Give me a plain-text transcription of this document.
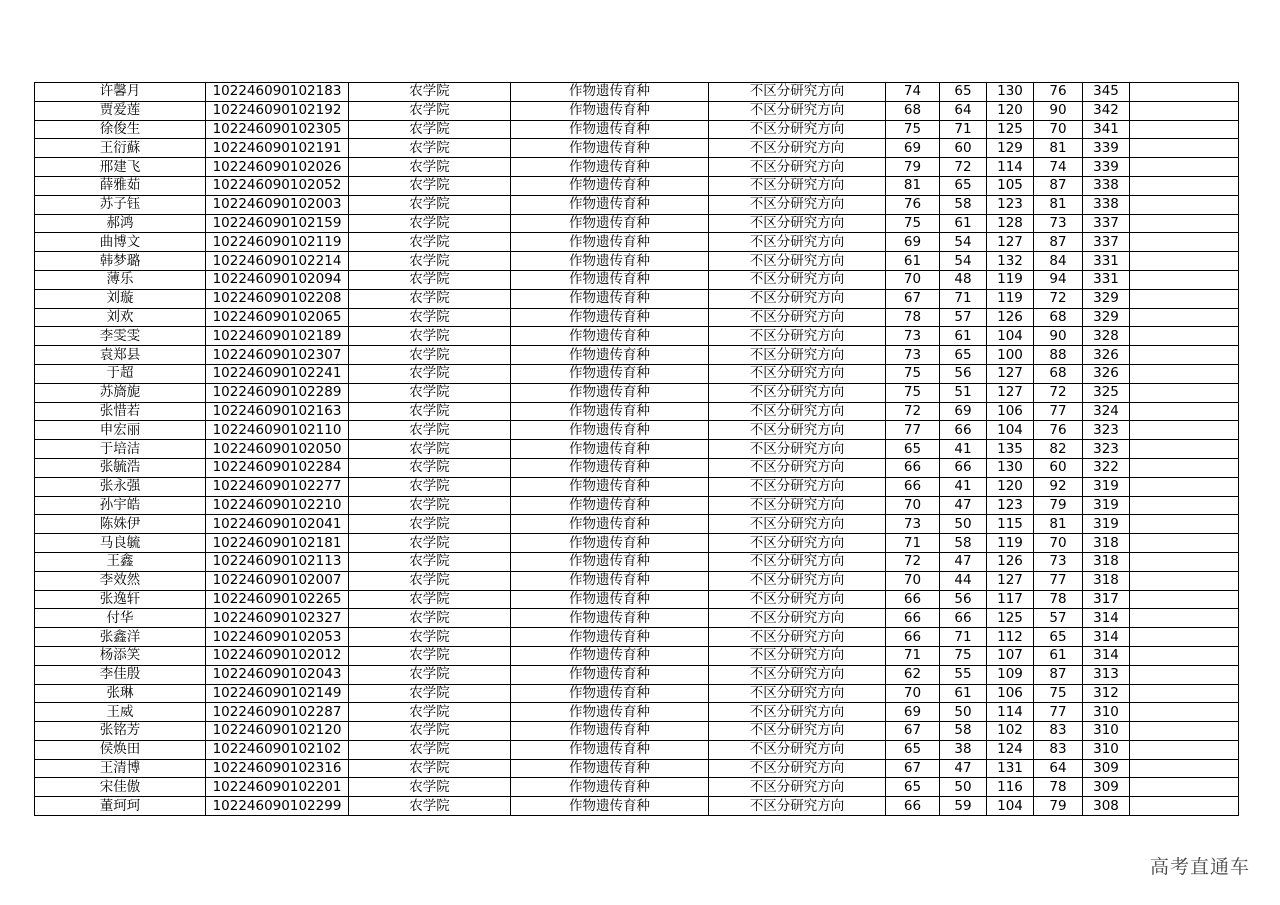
许馨月	102246090102183	农学院	作物遗传育种	不区分研究方向	74	65	130	76	345	
贾爱莲	102246090102192	农学院	作物遗传育种	不区分研究方向	68	64	120	90	342	
徐俊生	102246090102305	农学院	作物遗传育种	不区分研究方向	75	71	125	70	341	
王衍蘇	102246090102191	农学院	作物遗传育种	不区分研究方向	69	60	129	81	339	
邢建飞	102246090102026	农学院	作物遗传育种	不区分研究方向	79	72	114	74	339	
薛雅茹	102246090102052	农学院	作物遗传育种	不区分研究方向	81	65	105	87	338	
苏子钰	102246090102003	农学院	作物遗传育种	不区分研究方向	76	58	123	81	338	
郝鸿	102246090102159	农学院	作物遗传育种	不区分研究方向	75	61	128	73	337	
曲博文	102246090102119	农学院	作物遗传育种	不区分研究方向	69	54	127	87	337	
韩梦璐	102246090102214	农学院	作物遗传育种	不区分研究方向	61	54	132	84	331	
薄乐	102246090102094	农学院	作物遗传育种	不区分研究方向	70	48	119	94	331	
刘璇	102246090102208	农学院	作物遗传育种	不区分研究方向	67	71	119	72	329	
刘欢	102246090102065	农学院	作物遗传育种	不区分研究方向	78	57	126	68	329	
李雯雯	102246090102189	农学院	作物遗传育种	不区分研究方向	73	61	104	90	328	
袁郑县	102246090102307	农学院	作物遗传育种	不区分研究方向	73	65	100	88	326	
于超	102246090102241	农学院	作物遗传育种	不区分研究方向	75	56	127	68	326	
苏旖旎	102246090102289	农学院	作物遗传育种	不区分研究方向	75	51	127	72	325	
张惜若	102246090102163	农学院	作物遗传育种	不区分研究方向	72	69	106	77	324	
申宏丽	102246090102110	农学院	作物遗传育种	不区分研究方向	77	66	104	76	323	
于培洁	102246090102050	农学院	作物遗传育种	不区分研究方向	65	41	135	82	323	
张毓浩	102246090102284	农学院	作物遗传育种	不区分研究方向	66	66	130	60	322	
张永强	102246090102277	农学院	作物遗传育种	不区分研究方向	66	41	120	92	319	
孙宇皓	102246090102210	农学院	作物遗传育种	不区分研究方向	70	47	123	79	319	
陈姝伊	102246090102041	农学院	作物遗传育种	不区分研究方向	73	50	115	81	319	
马良毓	102246090102181	农学院	作物遗传育种	不区分研究方向	71	58	119	70	318	
王鑫	102246090102113	农学院	作物遗传育种	不区分研究方向	72	47	126	73	318	
李效然	102246090102007	农学院	作物遗传育种	不区分研究方向	70	44	127	77	318	
张逸轩	102246090102265	农学院	作物遗传育种	不区分研究方向	66	56	117	78	317	
付华	102246090102327	农学院	作物遗传育种	不区分研究方向	66	66	125	57	314	
张鑫洋	102246090102053	农学院	作物遗传育种	不区分研究方向	66	71	112	65	314	
杨添笑	102246090102012	农学院	作物遗传育种	不区分研究方向	71	75	107	61	314	
李佳殷	102246090102043	农学院	作物遗传育种	不区分研究方向	62	55	109	87	313	
张琳	102246090102149	农学院	作物遗传育种	不区分研究方向	70	61	106	75	312	
王威	102246090102287	农学院	作物遗传育种	不区分研究方向	69	50	114	77	310	
张铭芳	102246090102120	农学院	作物遗传育种	不区分研究方向	67	58	102	83	310	
侯焕田	102246090102102	农学院	作物遗传育种	不区分研究方向	65	38	124	83	310	
王清博	102246090102316	农学院	作物遗传育种	不区分研究方向	67	47	131	64	309	
宋佳傲	102246090102201	农学院	作物遗传育种	不区分研究方向	65	50	116	78	309	
董珂珂	102246090102299	农学院	作物遗传育种	不区分研究方向	66	59	104	79	308	
高考直通车
